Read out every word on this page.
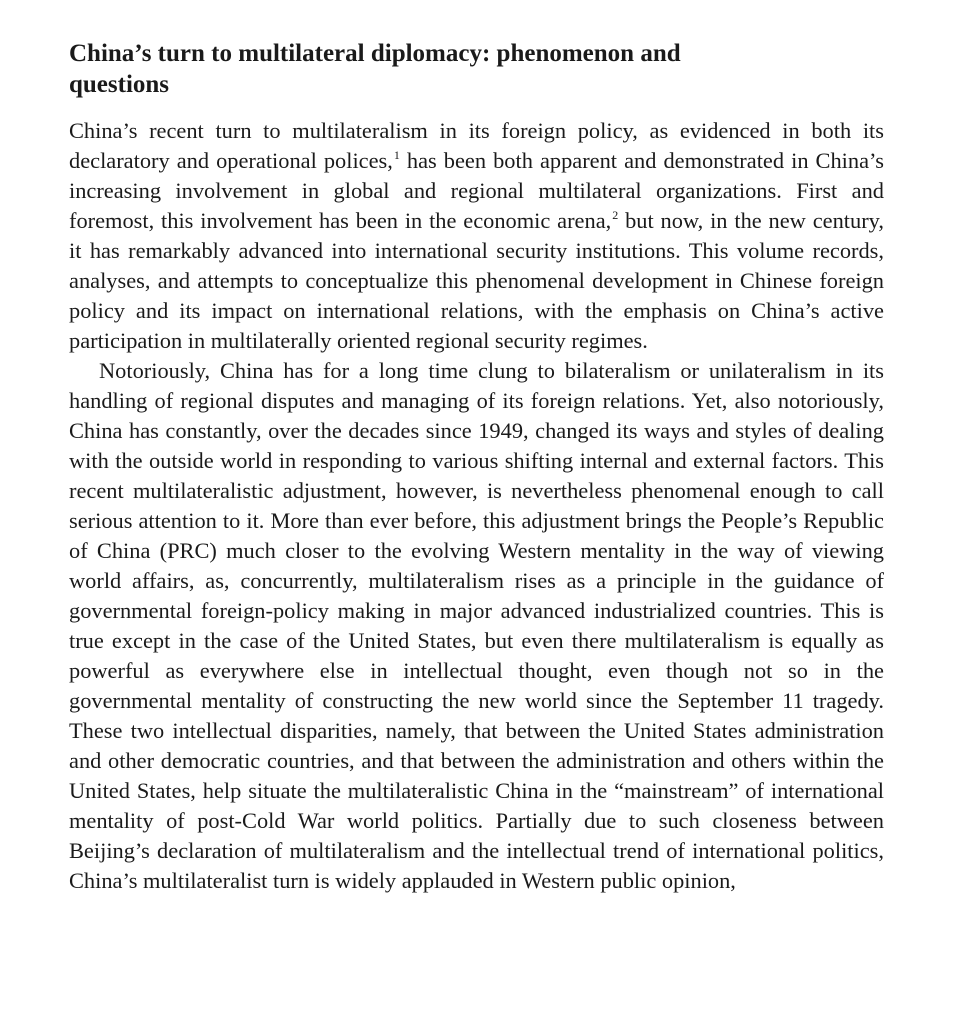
China’s turn to multilateral diplomacy: phenomenon and questions

China’s recent turn to multilateralism in its foreign policy, as evidenced in both its declaratory and operational polices,$^1$ has been both apparent and demonstrated in China’s increasing involvement in global and regional multilateral organizations. First and foremost, this involvement has been in the economic arena,$^2$ but now, in the new century, it has remarkably advanced into international security institutions. This volume records, analyses, and attempts to conceptualize this phenomenal development in Chinese foreign policy and its impact on international relations, with the emphasis on China’s active participation in multilaterally oriented regional security regimes.

Notoriously, China has for a long time clung to bilateralism or unilateralism in its handling of regional disputes and managing of its foreign relations. Yet, also notoriously, China has constantly, over the decades since 1949, changed its ways and styles of dealing with the outside world in responding to various shifting internal and external factors. This recent multilateralistic adjustment, however, is nevertheless phenomenal enough to call serious attention to it. More than ever before, this adjustment brings the People’s Republic of China (PRC) much closer to the evolving Western mentality in the way of viewing world affairs, as, concurrently, multilateralism rises as a principle in the guidance of governmental foreign-policy making in major advanced industrialized countries. This is true except in the case of the United States, but even there multilateralism is equally as powerful as everywhere else in intellectual thought, even though not so in the governmental mentality of constructing the new world since the September 11 tragedy. These two intellectual disparities, namely, that between the United States administration and other democratic countries, and that between the administration and others within the United States, help situate the multilateralistic China in the “mainstream” of international mentality of post-Cold War world politics. Partially due to such closeness between Beijing’s declaration of multilateralism and the intellectual trend of international politics, China’s multilateralist turn is widely applauded in Western public opinion,
